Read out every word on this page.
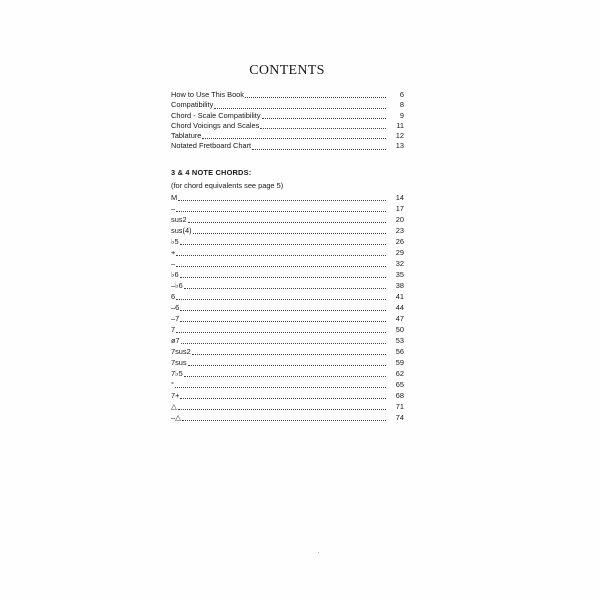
CONTENTS
How to Use This Book	6
Compatibility	8
Chord - Scale Compatibility	9
Chord Voicings and Scales	11
Tablature	12
Notated Fretboard Chart	13
3 & 4 NOTE CHORDS:
(for chord equivalents see page 5)
M	14
–	17
sus2	20
sus(4)	23
♭5	26
+	29
–	32
♭6	35
–♭6	38
6	41
–6	44
–7	47
7	50
ø7	53
7sus2	56
7sus	59
7♭5	62
°	65
7+	68
△	71
–△	74
